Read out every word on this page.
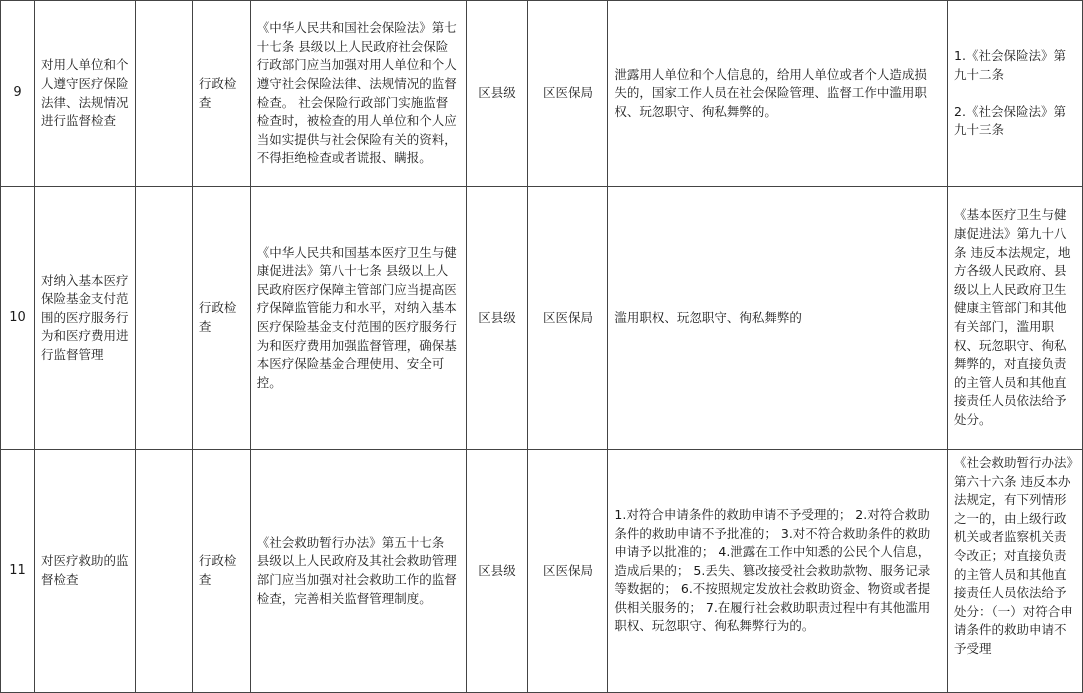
9	对用人单位和个人遵守医疗保险法律、法规情况进行监督检查		行政检查	《中华人民共和国社会保险法》第七十七条 县级以上人民政府社会保险行政部门应当加强对用人单位和个人遵守社会保险法律、法规情况的监督检查。 社会保险行政部门实施监督检查时，被检查的用人单位和个人应当如实提供与社会保险有关的资料，不得拒绝检查或者谎报、瞒报。	区县级	区医保局	泄露用人单位和个人信息的，给用人单位或者个人造成损失的，国家工作人员在社会保险管理、监督工作中滥用职权、玩忽职守、徇私舞弊的。	1.《社会保险法》第九十二条
2.《社会保险法》第九十三条

10	对纳入基本医疗保险基金支付范围的医疗服务行为和医疗费用进行监督管理		行政检查	《中华人民共和国基本医疗卫生与健康促进法》第八十七条 县级以上人民政府医疗保障主管部门应当提高医疗保障监管能力和水平，对纳入基本医疗保险基金支付范围的医疗服务行为和医疗费用加强监督管理，确保基本医疗保险基金合理使用、安全可控。	区县级	区医保局	滥用职权、玩忽职守、徇私舞弊的	《基本医疗卫生与健康促进法》第九十八条 违反本法规定，地方各级人民政府、县级以上人民政府卫生健康主管部门和其他有关部门，滥用职权、玩忽职守、徇私舞弊的，对直接负责的主管人员和其他直接责任人员依法给予处分。

11	对医疗救助的监督检查		行政检查	《社会救助暂行办法》第五十七条 县级以上人民政府及其社会救助管理部门应当加强对社会救助工作的监督检查，完善相关监督管理制度。	区县级	区医保局	1.对符合申请条件的救助申请不予受理的； 2.对符合救助条件的救助申请不予批准的； 3.对不符合救助条件的救助申请予以批准的； 4.泄露在工作中知悉的公民个人信息，造成后果的； 5.丢失、篡改接受社会救助款物、服务记录等数据的； 6.不按照规定发放社会救助资金、物资或者提供相关服务的； 7.在履行社会救助职责过程中有其他滥用职权、玩忽职守、徇私舞弊行为的。	《社会救助暂行办法》第六十六条 违反本办法规定，有下列情形之一的，由上级行政机关或者监察机关责令改正；对直接负责的主管人员和其他直接责任人员依法给予处分：（一）对符合申请条件的救助申请不予受理
